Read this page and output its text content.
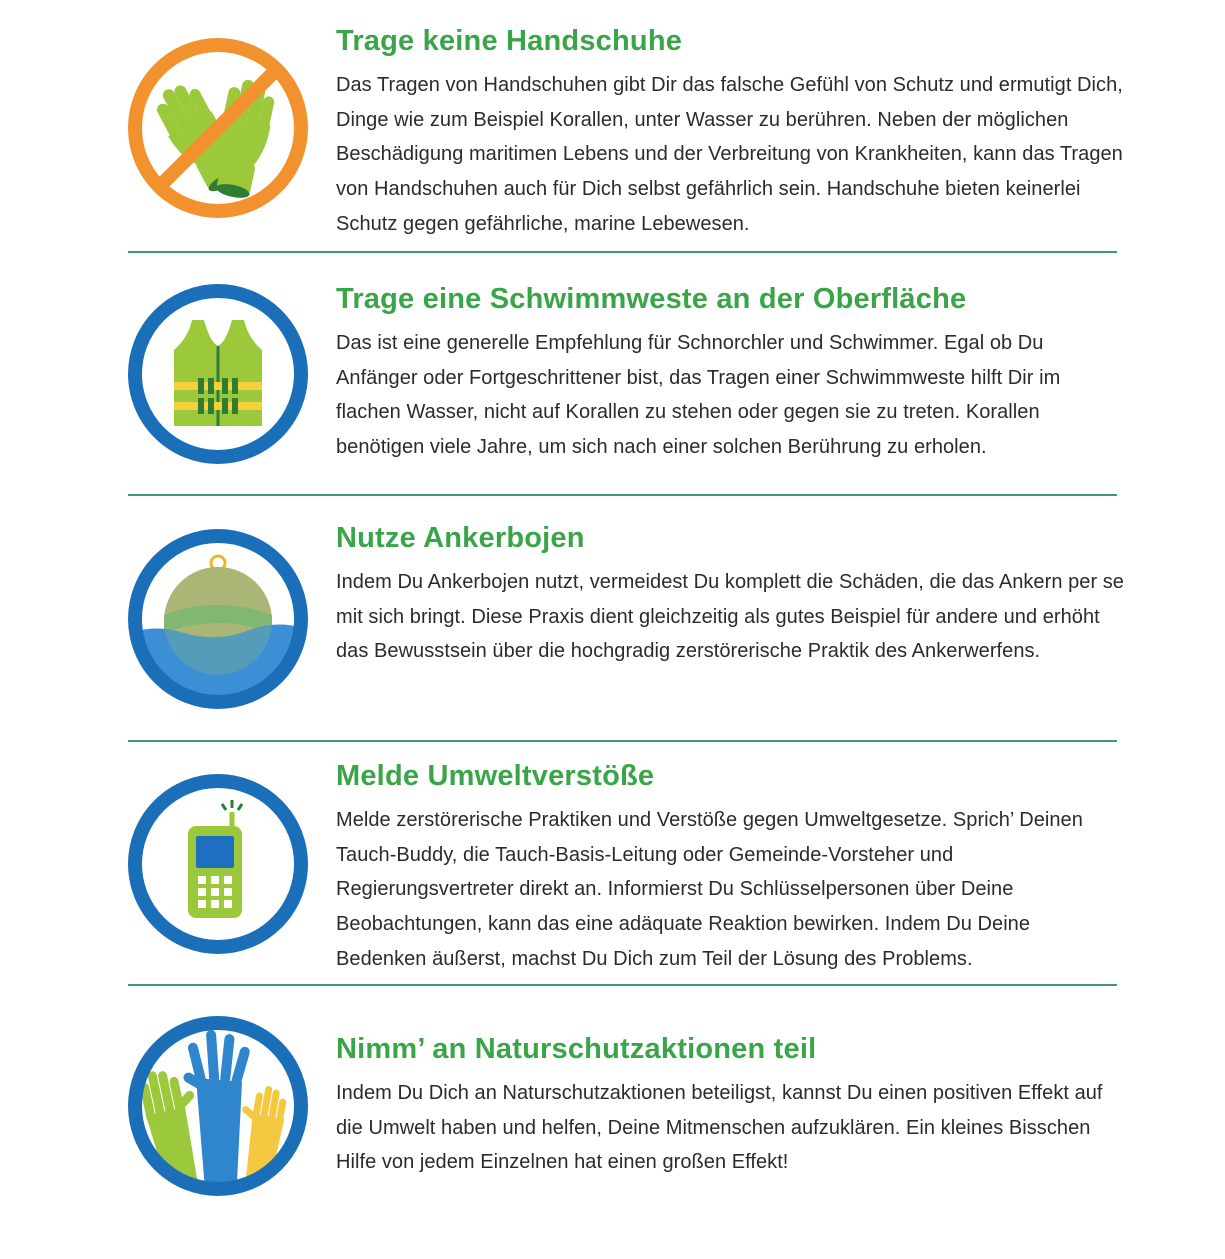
Trage keine Handschuhe

Das Tragen von Handschuhen gibt Dir das falsche Gefühl von Schutz und ermutigt Dich, Dinge wie zum Beispiel Korallen, unter Wasser zu berühren. Neben der möglichen Beschädigung maritimen Lebens und der Verbreitung von Krankheiten, kann das Tragen von Handschuhen auch für Dich selbst gefährlich sein. Handschuhe bieten keinerlei Schutz gegen gefährliche, marine Lebewesen.

Trage eine Schwimmweste an der Oberfläche

Das ist eine generelle Empfehlung für Schnorchler und Schwimmer. Egal ob Du Anfänger oder Fortgeschrittener bist, das Tragen einer Schwimmweste hilft Dir im flachen Wasser, nicht auf Korallen zu stehen oder gegen sie zu treten. Korallen benötigen viele Jahre, um sich nach einer solchen Berührung zu erholen.

Nutze Ankerbojen

Indem Du Ankerbojen nutzt, vermeidest Du komplett die Schäden, die das Ankern per se mit sich bringt. Diese Praxis dient gleichzeitig als gutes Beispiel für andere und erhöht das Bewusstsein über die hochgradig zerstörerische Praktik des Ankerwerfens.

Melde Umweltverstöße

Melde zerstörerische Praktiken und Verstöße gegen Umweltgesetze. Sprich’ Deinen Tauch-Buddy, die Tauch-Basis-Leitung oder Gemeinde-Vorsteher und Regierungsvertreter direkt an. Informierst Du Schlüsselpersonen über Deine Beobachtungen, kann das eine adäquate Reaktion bewirken. Indem Du Deine Bedenken äußerst, machst Du Dich zum Teil der Lösung des Problems.

Nimm’ an Naturschutzaktionen teil

Indem Du Dich an Naturschutzaktionen beteiligst, kannst Du einen positiven Effekt auf die Umwelt haben und helfen, Deine Mitmenschen aufzuklären. Ein kleines Bisschen Hilfe von jedem Einzelnen hat einen großen Effekt!
